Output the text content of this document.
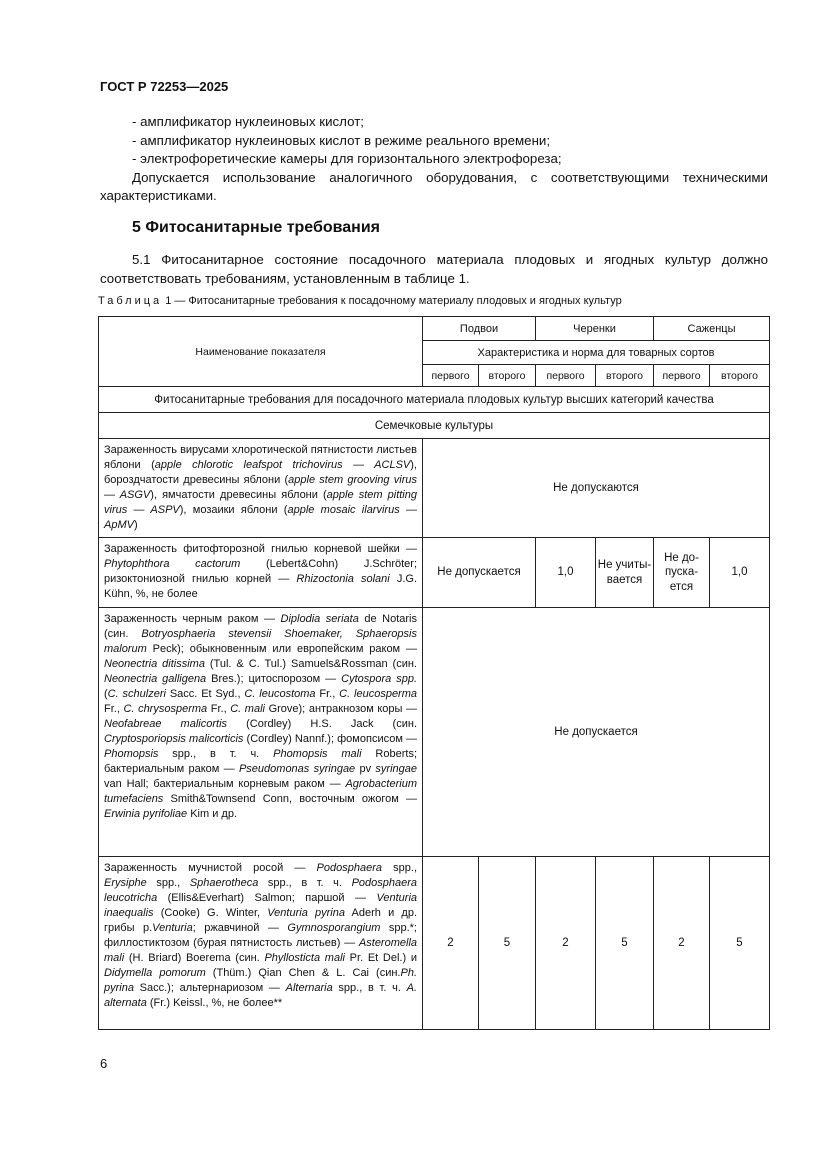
ГОСТ Р 72253—2025
- амплификатор нуклеиновых кислот;
- амплификатор нуклеиновых кислот в режиме реального времени;
- электрофоретические камеры для горизонтального электрофореза;
Допускается использование аналогичного оборудования, с соответствующими техническими характеристиками.
5 Фитосанитарные требования
5.1 Фитосанитарное состояние посадочного материала плодовых и ягодных культур должно соответствовать требованиям, установленным в таблице 1.
Таблица 1 — Фитосанитарные требования к посадочному материалу плодовых и ягодных культур
Наименование показателя	Подвои		Черенки		Саженцы	
	Характеристика и норма для товарных сортов					
	первого	второго	первого	второго	первого	второго
Фитосанитарные требования для посадочного материала плодовых культур высших категорий качества						
Семечковые культуры						
Зараженность вирусами хлоротической пятнистости листьев яблони (apple chlorotic leafspot trichovirus — ACLSV), бороздчатости древесины яблони (apple stem grooving virus — ASGV), ямчатости древесины яблони (apple stem pitting virus — ASPV), мозаики яблони (apple mosaic ilarvirus — ApMV)	Не допускаются					
Зараженность фитофторозной гнилью корневой шейки — Phytophthora cactorum (Lebert&Cohn) J.Schröter; ризоктониозной гнилью корней — Rhizoctonia solani J.G. Kühn, %, не более	Не допускается		1,0	Не учиты-вается	Не до-пуска-ется	1,0
Зараженность черным раком — Diplodia seriata de Notaris (син. Botryosphaeria stevensii Shoemaker, Sphaeropsis malorum Peck); обыкновенным или европейским раком — Neonectria ditissima (Tul. & C. Tul.) Samuels&Rossman (син. Neonectria galligena Bres.); цитоспорозом — Cytospora spp. (C. schulzeri Sacc. Et Syd., C. leucostoma Fr., C. leucosperma Fr., C. chrysosperma Fr., C. mali Grove); антракнозом коры — Neofabreae malicortis (Cordley) H.S. Jack (син. Cryptosporiopsis malicorticis (Cordley) Nannf.); фомопсисом — Phomopsis spp., в т. ч. Phomopsis mali Roberts; бактериальным раком — Pseudomonas syringae pv syringae van Hall; бактериальным корневым раком — Agrobacterium tumefaciens Smith&Townsend Conn, восточным ожогом — Erwinia pyrifoliae Kim и др.	Не допускается					
Зараженность мучнистой росой — Podosphaera spp., Erysiphe spp., Sphaerotheca spp., в т. ч. Podosphaera leucotricha (Ellis&Everhart) Salmon; паршой — Venturia inaequalis (Cooke) G. Winter, Venturia pyrina Aderh и др. грибы р.Venturia; ржавчиной — Gymnosporangium spp.*; филлостиктозом (бурая пятнистость листьев) — Asteromella mali (H. Briard) Boerema (син. Phyllosticta mali Pr. Et Del.) и Didymella pomorum (Thüm.) Qian Chen & L. Cai (син.Ph. pyrina Sacc.); альтернариозом — Alternaria spp., в т. ч. A. alternata (Fr.) Keissl., %, не более**	2	5	2	5	2	5
6
